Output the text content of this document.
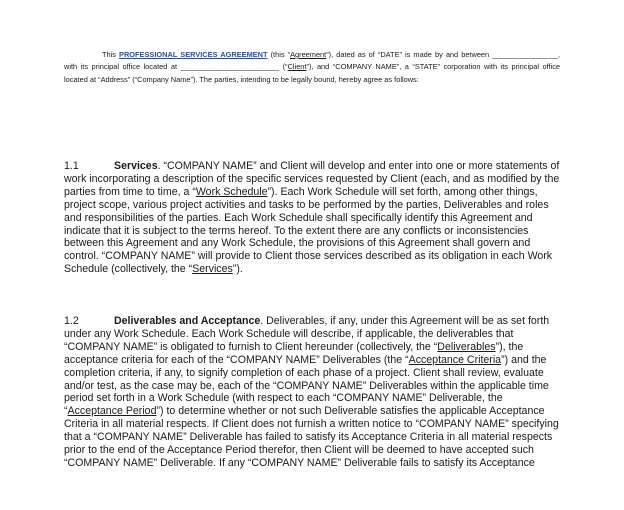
This PROFESSIONAL SERVICES AGREEMENT (this “Agreement”), dated as of “DATE” is made by and between ________________, with its principal office located at ________________________ (“Client”), and “COMPANY NAME”, a “STATE” corporation with its principal office located at “Address” (“Company Name”). The parties, intending to be legally bound, hereby agree as follows:

1.1	Services. “COMPANY NAME” and Client will develop and enter into one or more statements of work incorporating a description of the specific services requested by Client (each, and as modified by the parties from time to time, a “Work Schedule”). Each Work Schedule will set forth, among other things, project scope, various project activities and tasks to be performed by the parties, Deliverables and roles and responsibilities of the parties. Each Work Schedule shall specifically identify this Agreement and indicate that it is subject to the terms hereof. To the extent there are any conflicts or inconsistencies between this Agreement and any Work Schedule, the provisions of this Agreement shall govern and control. “COMPANY NAME” will provide to Client those services described as its obligation in each Work Schedule (collectively, the “Services”).

1.2	Deliverables and Acceptance. Deliverables, if any, under this Agreement will be as set forth under any Work Schedule. Each Work Schedule will describe, if applicable, the deliverables that “COMPANY NAME” is obligated to furnish to Client hereunder (collectively, the “Deliverables”), the acceptance criteria for each of the “COMPANY NAME” Deliverables (the “Acceptance Criteria”) and the completion criteria, if any, to signify completion of each phase of a project. Client shall review, evaluate and/or test, as the case may be, each of the “COMPANY NAME” Deliverables within the applicable time period set forth in a Work Schedule (with respect to each “COMPANY NAME” Deliverable, the “Acceptance Period”) to determine whether or not such Deliverable satisfies the applicable Acceptance Criteria in all material respects. If Client does not furnish a written notice to “COMPANY NAME” specifying that a “COMPANY NAME” Deliverable has failed to satisfy its Acceptance Criteria in all material respects prior to the end of the Acceptance Period therefor, then Client will be deemed to have accepted such “COMPANY NAME” Deliverable. If any “COMPANY NAME” Deliverable fails to satisfy its Acceptance
